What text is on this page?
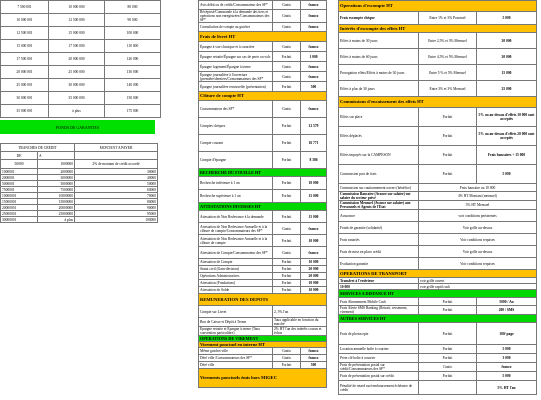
7 500 001	10 000 000	80 000
10 000 001	12 500 000	90 000
12 500 001	15 000 000	100 000
15 000 001	17 500 000	110 000
17 500 001	20 000 000	120 000
20 000 001	25 000 000	130 000
25 000 001	30 000 000	140 000
30 000 001	35 000 000	150 000
35 000 001	à plus	175 000
FONDS DE GARANTIES
TRANCHES DE CREDIT		MONTANT A PAYER
DE	A	
50000	1000000	2% de montant de crédit accordé
1000001	2000000	30000
2000001	3000000	40000
5000001	5000000	50000
7500001	7500000	60000
10000001	10000000	70000
15000001	15000000	80000
20000001	20000000	90000
25000001	25000000	95000
30000001	à plus	100000
Avis débit ou de crédit/Consommateur des SF*	Gratis	franco
Récépissé/Commande à la demande des tiers et opérations non enregistrées/Consommateurs des SF*	Gratis	franco
Consultation de compte au guichet	Gratis	franco
Frais de livret HT		
Épargne à vue classique et à caractère	Gratis	franco
Épargne retraite/Épargne sur cas de perte ou vols	Forfait	1 000
Épargne logement/Épargne à terme	Gratis	franco
Épargne journalière à l'ouverture (première/derniers/Consommateurs des SF*	Gratis	franco
Épargne journalière renouvelée (présentation)	Forfait	500
Clôture de compte HT		
Consommateur des SF*	Gratis	franco
Comptes chèques	Forfait	12 579
Compte courant	Forfait	16 771
Compte d'épargne	Forfait	8 386
RECHERCHE DU FOUILLE HT		
Recherche inférieure à 1 an	Forfait	10 000
Recherche supérieure à 1 an	Forfait	15 000
ATTESTATIONS DIVERSES HT		
Attestation de Non Redevance à la demande	Forfait	15 000
Attestation de Non Redevance Annuelle et à la clôture de compte/Consommateurs des SF*	Gratis	franco
Attestation de Non Redevance Annuelle et à la clôture de compte	Forfait	10 000
Attestation de Compte/Consommateur des SF*	Gratis	franco
Attestation de Compte	Forfait	10 000
Statut civil (Gain-décision)	Forfait	20 000
Opérations Administratives	Forfait	20 000
Attestation (Fondations)	Forfait	10 000
Attestation de Solde	Forfait	10 000
REMUNERATION DES DEPOTS		
Compte sur Livret	2, 5% l'an	
Bon de Caisse et Dépôt à Terme	Taux applicable en fonction du marché	
Épargne retraite et Epargne à terme (Taux convention particulière)	2% HT l'an des intérêts courus et échus	
OPERATIONS DE VIREMENT		
Virement ponctuel en interne HT		
Même guichet ville	Gratis	franco
Déré ville /Consommateurs des SF*	Gratis	franco
Déré ville	Forfait	500
Virements ponctuels émis hors MIGEC		
Operations d'escompte HT		
Frais escompte chèque	Entre 1% et 3% Ponctuel	5 000
Intérêts d'escompte des effets HT		
Effets à moins de 30 jours	Entre 2,5% et 3% Mensuel	20 000
Effets à moins de 60 jours	Entre 4,5% et 5% Mensuel	20 000
Prorogation effets/Effets à moins de 30 jours	Entre 5 % et 5% Mensuel	15 000
Effets à plus de 30 jours	Entre 3% et 3% Mensuel	25 000
Commissions d'encaissement des effets HT		
Effets sur place	Forfait	5% ou au-dessus d'effets 10 000 sont acceptés
Effets déplacés	Forfait	5% ou au-dessus d'effets 20 000 sont acceptés
Effets impayés sur la CAMPESON	Forfait	Frais bancaires + 15 000
Commission port de frais	Forfait	5 000
Commission sur cautionnement ouvert (bénéfice)	Frais bancaire ou 10 000	
Commission Bancaire (Avance sur salaire) sur salaire du secteur privé	4% HT Montant (mensuel)	
Commission Mensuel (Avance sur salaire) aux Personnels et Agents de l'Etat	3% HT Mensuel	
Assurance	voir conditions pertinentes	
Fonds de garantie (solidarité)	Voir grille au-dessus	
Frais notariés	Voir conditions requises	
Frais de mise en place crédit	Voir grille au-dessus	
Evaluation garantie	Voir conditions requises	
OPERATIONS DE TRANSPORT		
Transfert à l'extérieur	voir grille ouvert	
10 000	voir grille rapid cash	
SERVICES A DISTANCE HT		
Frais Abonnement Mobile Cash	Forfait	5000 / An
Frais Alerte SMS Banking (Retrait, versement, virement)	Forfait	200 / SMS
AUTRES SERVICES HT		
Frais de photocopie	Forfait	100/ page
Location annuelle boîte à courrier	Forfait	5 000
Perte clé boîte à courrier	Forfait	3 000
Frais de présentation postal sur crédit/Consommateurs des SF*	Gratis	franco
Frais de présentation postal sur crédit	Forfait	5 000
Pénalité de retard sur/remboursement échéance de crédit		5% HT l'an
